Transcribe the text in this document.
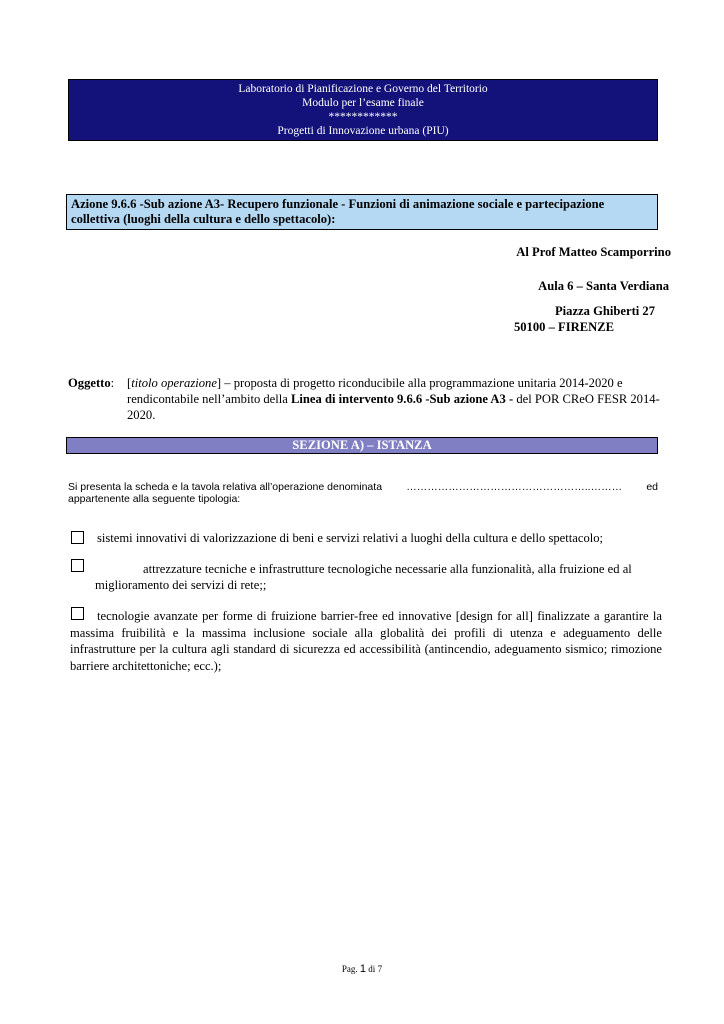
Laboratorio di Pianificazione e Governo del Territorio
Modulo per l’esame finale
************
Progetti di Innovazione urbana (PIU)
Azione 9.6.6 -Sub azione A3- Recupero funzionale - Funzioni di animazione sociale e partecipazione collettiva (luoghi della cultura e dello spettacolo):
Al Prof Matteo Scamporrino
Aula 6 – Santa Verdiana
Piazza Ghiberti 27
50100 – FIRENZE
Oggetto: [titolo operazione] – proposta di progetto riconducibile alla programmazione unitaria 2014-2020 e rendicontabile nell’ambito della Linea di intervento 9.6.6 -Sub azione A3 - del POR CReO FESR 2014-2020.
SEZIONE A) – ISTANZA
Si presenta la scheda e la tavola relativa all’operazione denominata ……………………………………………..……… ed
appartenente alla seguente tipologia:
sistemi innovativi di valorizzazione di beni e servizi relativi a luoghi della cultura e dello spettacolo;
attrezzature tecniche e infrastrutture tecnologiche necessarie alla funzionalità, alla fruizione ed al
miglioramento dei servizi di rete;;
tecnologie avanzate per forme di fruizione barrier-free ed innovative [design for all] finalizzate a garantire la massima fruibilità e la massima inclusione sociale alla globalità dei profili di utenza e adeguamento delle infrastrutture per la cultura agli standard di sicurezza ed accessibilità (antincendio, adeguamento sismico; rimozione barriere architettoniche; ecc.);
Pag. 1 di 7
